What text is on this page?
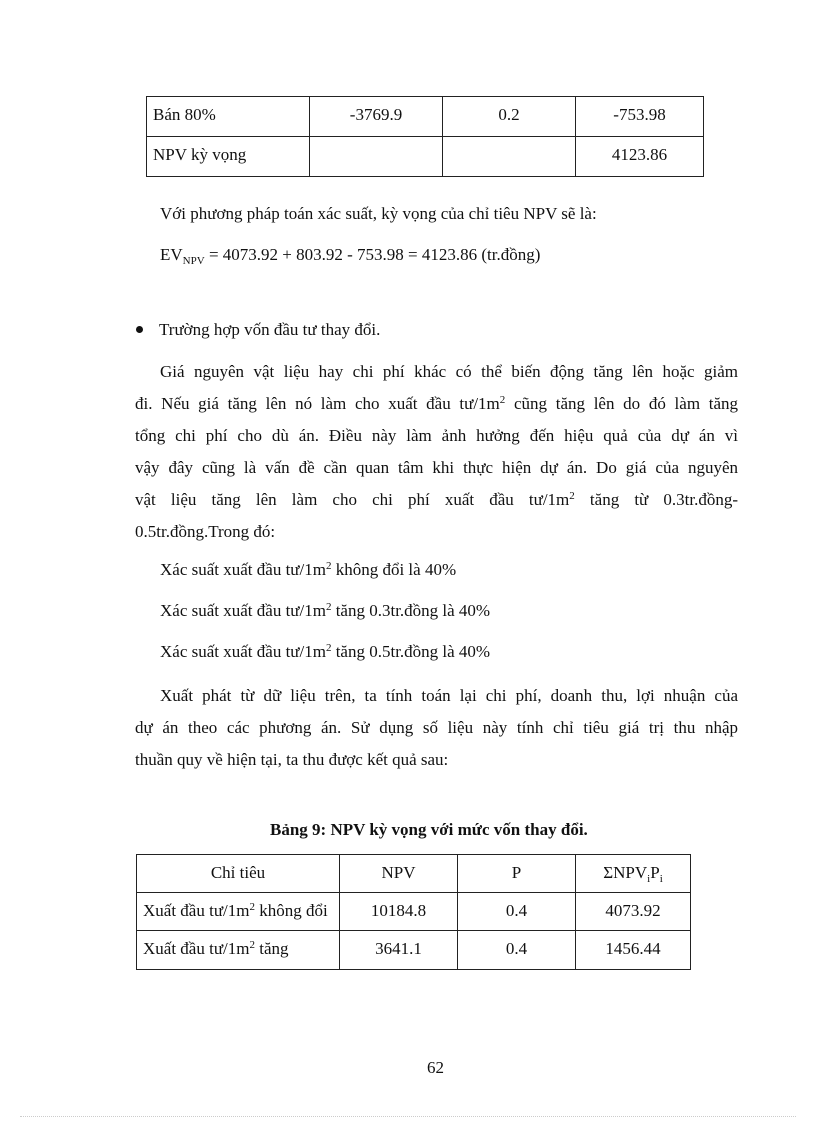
Bán 80%	-3769.9	0.2	-753.98
NPV kỳ vọng			4123.86
Với phương pháp toán xác suất, kỳ vọng của chỉ tiêu NPV sẽ là:
$EV_{NPV} = 4073.92 + 803.92 - 753.98 = 4123.86$ (tr.đồng)
Trường hợp vốn đầu tư thay đổi.
Giá nguyên vật liệu hay chi phí khác có thể biến động tăng lên hoặc giảm
đi. Nếu giá tăng lên nó làm cho xuất đầu $tư/1m^2$ cũng tăng lên do đó làm tăng
tổng chi phí cho dù án. Điều này làm ảnh hưởng đến hiệu quả của dự án vì
vậy đây cũng là vấn đề cần quan tâm khi thực hiện dự án. Do giá của nguyên
vật liệu tăng lên làm cho chi phí xuất đầu $tư/1m^2$ tăng từ 0.3tr.đồng-
0.5tr.đồng.Trong đó:
Xác suất xuất đầu $tư/1m^2$ không đổi là 40%
Xác suất xuất đầu $tư/1m^2$ tăng 0.3tr.đồng là 40%
Xác suất xuất đầu $tư/1m^2$ tăng 0.5tr.đồng là 40%
Xuất phát từ dữ liệu trên, ta tính toán lại chi phí, doanh thu, lợi nhuận của
dự án theo các phương án. Sử dụng số liệu này tính chỉ tiêu giá trị thu nhập
thuần quy về hiện tại, ta thu được kết quả sau:
Bảng 9: NPV kỳ vọng với mức vốn thay đổi.
Chỉ tiêu	NPV	P	$\Sigma NPV_iP_i$
Xuất đầu $tư/1m^2$ không đổi	10184.8	0.4	4073.92
Xuất đầu $tư/1m^2$ tăng	3641.1	0.4	1456.44
62
